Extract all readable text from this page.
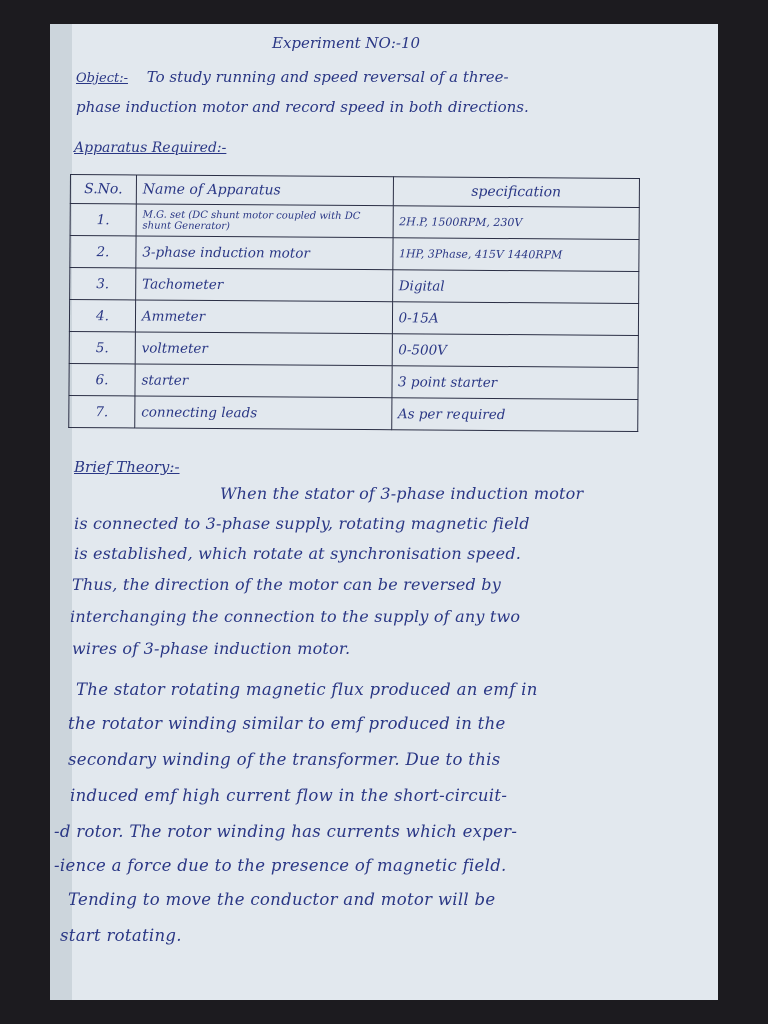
Experiment NO:-10
Object:- To study running and speed reversal of a three-
phase induction motor and record speed in both directions.
Apparatus Required:-
S.No.	Name of Apparatus	specification
1.	M.G. set (DC shunt motor coupled with DC shunt Generator)	2H.P, 1500RPM, 230V
2.	3-phase induction motor	1HP, 3Phase, 415V 1440RPM
3.	Tachometer	Digital
4.	Ammeter	0-15A
5.	voltmeter	0-500V
6.	starter	3 point starter
7.	connecting leads	As per required
Brief Theory:-
When the stator of 3-phase induction motor
is connected to 3-phase supply, rotating magnetic field
is established, which rotate at synchronisation speed.
Thus, the direction of the motor can be reversed by
interchanging the connection to the supply of any two
wires of 3-phase induction motor.
The stator rotating magnetic flux produced an emf in
the rotator winding similar to emf produced in the
secondary winding of the transformer. Due to this
induced emf high current flow in the short-circuit-
-d rotor. The rotor winding has currents which exper-
-ience a force due to the presence of magnetic field.
Tending to move the conductor and motor will be
start rotating.
